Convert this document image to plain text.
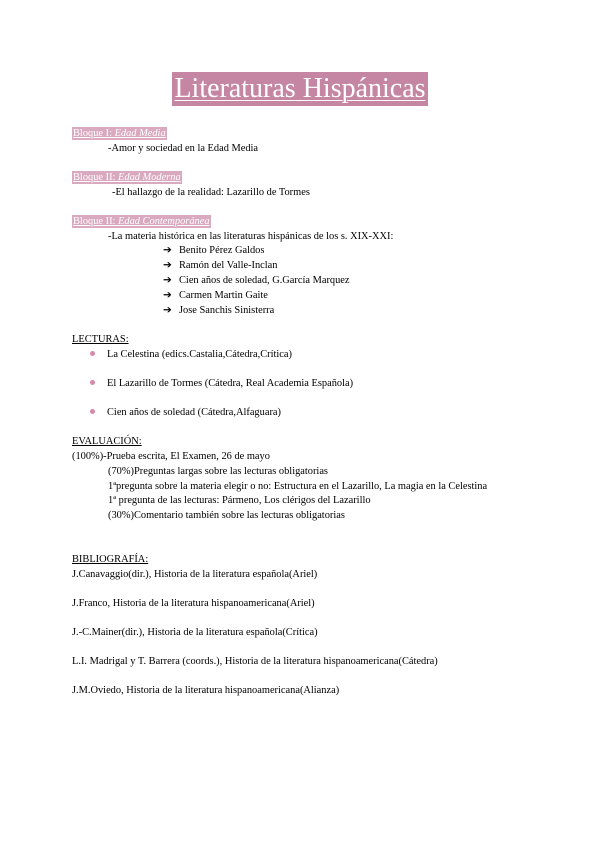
Literaturas Hispánicas
Bloque I: Edad Media
-Amor y sociedad en la Edad Media
Bloque II: Edad Moderna
-El hallazgo de la realidad: Lazarillo de Tormes
Bloque II: Edad Contemporánea
-La materia histórica en las literaturas hispánicas de los s. XIX-XXI:
➔ Benito Pérez Galdos
➔ Ramón del Valle-Inclan
➔ Cien años de soledad, G.García Marquez
➔ Carmen Martin Gaite
➔ Jose Sanchis Sinisterra
LECTURAS:
La Celestina (edics.Castalia,Cátedra,Crítica)
El Lazarillo de Tormes (Cátedra, Real Academia Española)
Cien años de soledad (Cátedra,Alfaguara)
EVALUACIÓN:
(100%)-Prueba escrita, El Examen, 26 de mayo
(70%)Preguntas largas sobre las lecturas obligatorias
1ªpregunta sobre la materia elegir o no: Estructura en el Lazarillo, La magia en la Celestina
1ª pregunta de las lecturas: Pármeno, Los clérigos del Lazarillo
(30%)Comentario también sobre las lecturas obligatorias
BIBLIOGRAFÍA:
J.Canavaggio(dir.), Historia de la literatura española(Ariel)
J.Franco, Historia de la literatura hispanoamericana(Ariel)
J.-C.Mainer(dir.), Historia de la literatura española(Crítica)
L.I. Madrigal y T. Barrera (coords.), Historia de la literatura hispanoamericana(Cátedra)
J.M.Oviedo, Historia de la literatura hispanoamericana(Alianza)
